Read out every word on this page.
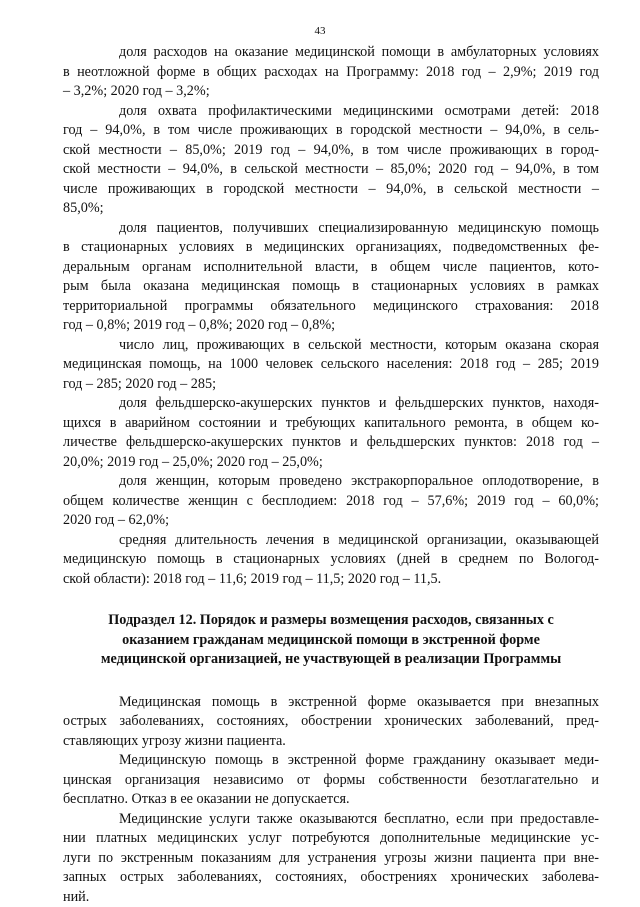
43
доля расходов на оказание медицинской помощи в амбулаторных условиях
в неотложной форме в общих расходах на Программу: 2018 год – 2,9%; 2019 год
– 3,2%; 2020 год – 3,2%;
доля охвата профилактическими медицинскими осмотрами детей: 2018
год – 94,0%, в том числе проживающих в городской местности – 94,0%, в сель-
ской местности – 85,0%; 2019 год – 94,0%, в том числе проживающих в город-
ской местности – 94,0%, в сельской местности – 85,0%; 2020 год – 94,0%, в том
числе проживающих в городской местности – 94,0%, в сельской местности –
85,0%;
доля пациентов, получивших специализированную медицинскую помощь
в стационарных условиях в медицинских организациях, подведомственных фе-
деральным органам исполнительной власти, в общем числе пациентов, кото-
рым была оказана медицинская помощь в стационарных условиях в рамках
территориальной программы обязательного медицинского страхования: 2018
год – 0,8%; 2019 год – 0,8%; 2020 год – 0,8%;
число лиц, проживающих в сельской местности, которым оказана скорая
медицинская помощь, на 1000 человек сельского населения: 2018 год – 285; 2019
год – 285; 2020 год – 285;
доля фельдшерско-акушерских пунктов и фельдшерских пунктов, находя-
щихся в аварийном состоянии и требующих капитального ремонта, в общем ко-
личестве фельдшерско-акушерских пунктов и фельдшерских пунктов: 2018 год –
20,0%; 2019 год – 25,0%; 2020 год – 25,0%;
доля женщин, которым проведено экстракорпоральное оплодотворение, в
общем количестве женщин с бесплодием: 2018 год – 57,6%; 2019 год – 60,0%;
2020 год – 62,0%;
средняя длительность лечения в медицинской организации, оказывающей
медицинскую помощь в стационарных условиях (дней в среднем по Вологод-
ской области): 2018 год – 11,6; 2019 год – 11,5; 2020 год – 11,5.
Подраздел 12. Порядок и размеры возмещения расходов, связанных с
оказанием гражданам медицинской помощи в экстренной форме
медицинской организацией, не участвующей в реализации Программы
Медицинская помощь в экстренной форме оказывается при внезапных
острых заболеваниях, состояниях, обострении хронических заболеваний, пред-
ставляющих угрозу жизни пациента.
Медицинскую помощь в экстренной форме гражданину оказывает меди-
цинская организация независимо от формы собственности безотлагательно и
бесплатно. Отказ в ее оказании не допускается.
Медицинские услуги также оказываются бесплатно, если при предоставле-
нии платных медицинских услуг потребуются дополнительные медицинские ус-
луги по экстренным показаниям для устранения угрозы жизни пациента при вне-
запных острых заболеваниях, состояниях, обострениях хронических заболева-
ний.
